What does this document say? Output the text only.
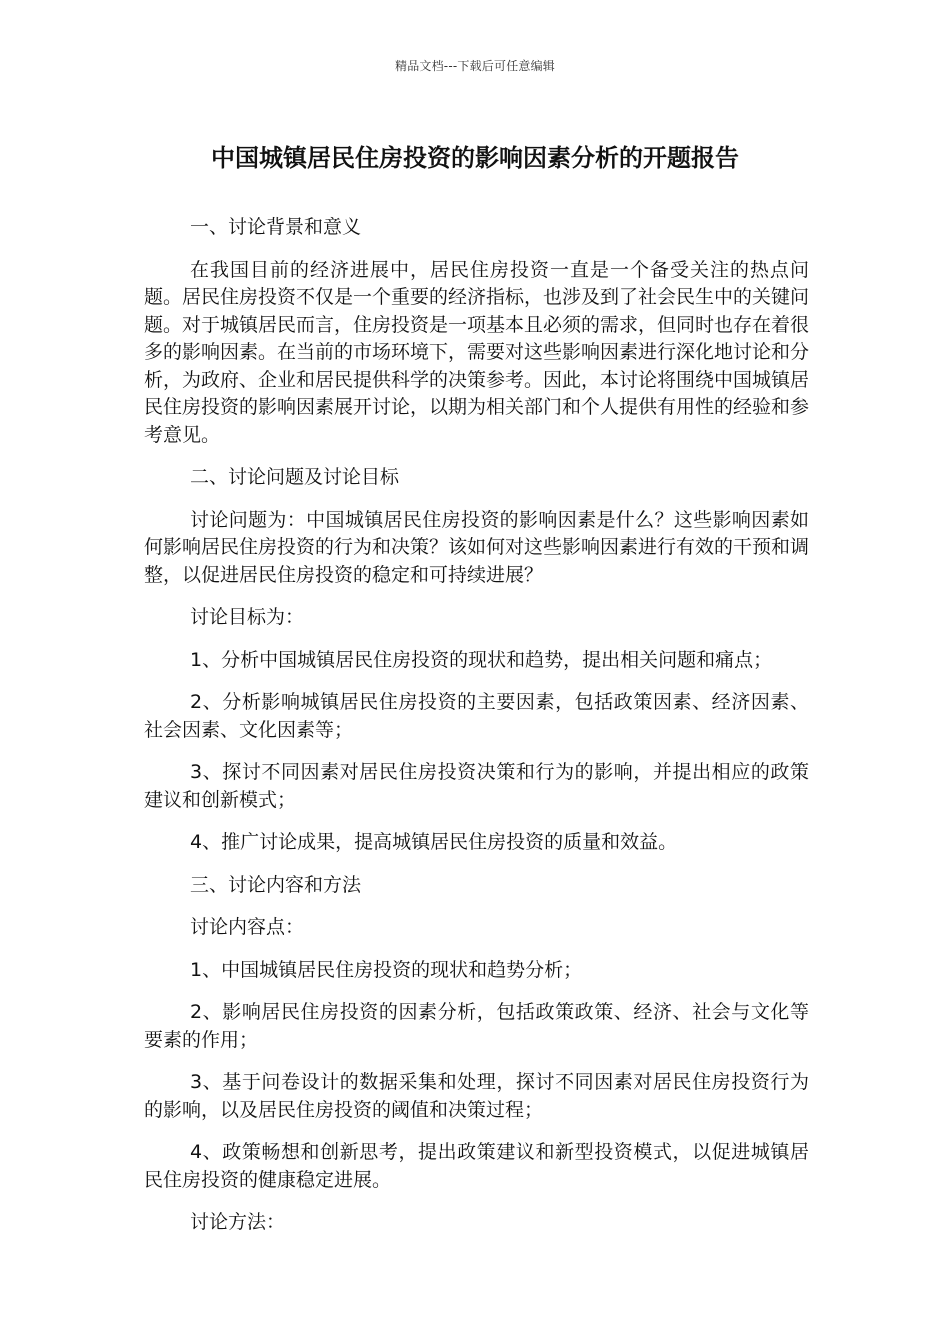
精品文档---下载后可任意编辑
中国城镇居民住房投资的影响因素分析的开题报告

一、讨论背景和意义

在我国目前的经济进展中，居民住房投资一直是一个备受关注的热点问题。居民住房投资不仅是一个重要的经济指标，也涉及到了社会民生中的关键问题。对于城镇居民而言，住房投资是一项基本且必须的需求，但同时也存在着很多的影响因素。在当前的市场环境下，需要对这些影响因素进行深化地讨论和分析，为政府、企业和居民提供科学的决策参考。因此，本讨论将围绕中国城镇居民住房投资的影响因素展开讨论，以期为相关部门和个人提供有用性的经验和参考意见。

二、讨论问题及讨论目标

讨论问题为：中国城镇居民住房投资的影响因素是什么？这些影响因素如何影响居民住房投资的行为和决策？该如何对这些影响因素进行有效的干预和调整，以促进居民住房投资的稳定和可持续进展？

讨论目标为：

1、分析中国城镇居民住房投资的现状和趋势，提出相关问题和痛点；

2、分析影响城镇居民住房投资的主要因素，包括政策因素、经济因素、社会因素、文化因素等；

3、探讨不同因素对居民住房投资决策和行为的影响，并提出相应的政策建议和创新模式；

4、推广讨论成果，提高城镇居民住房投资的质量和效益。

三、讨论内容和方法

讨论内容点：

1、中国城镇居民住房投资的现状和趋势分析；

2、影响居民住房投资的因素分析，包括政策政策、经济、社会与文化等要素的作用；

3、基于问卷设计的数据采集和处理，探讨不同因素对居民住房投资行为的影响，以及居民住房投资的阈值和决策过程；

4、政策畅想和创新思考，提出政策建议和新型投资模式，以促进城镇居民住房投资的健康稳定进展。

讨论方法：
